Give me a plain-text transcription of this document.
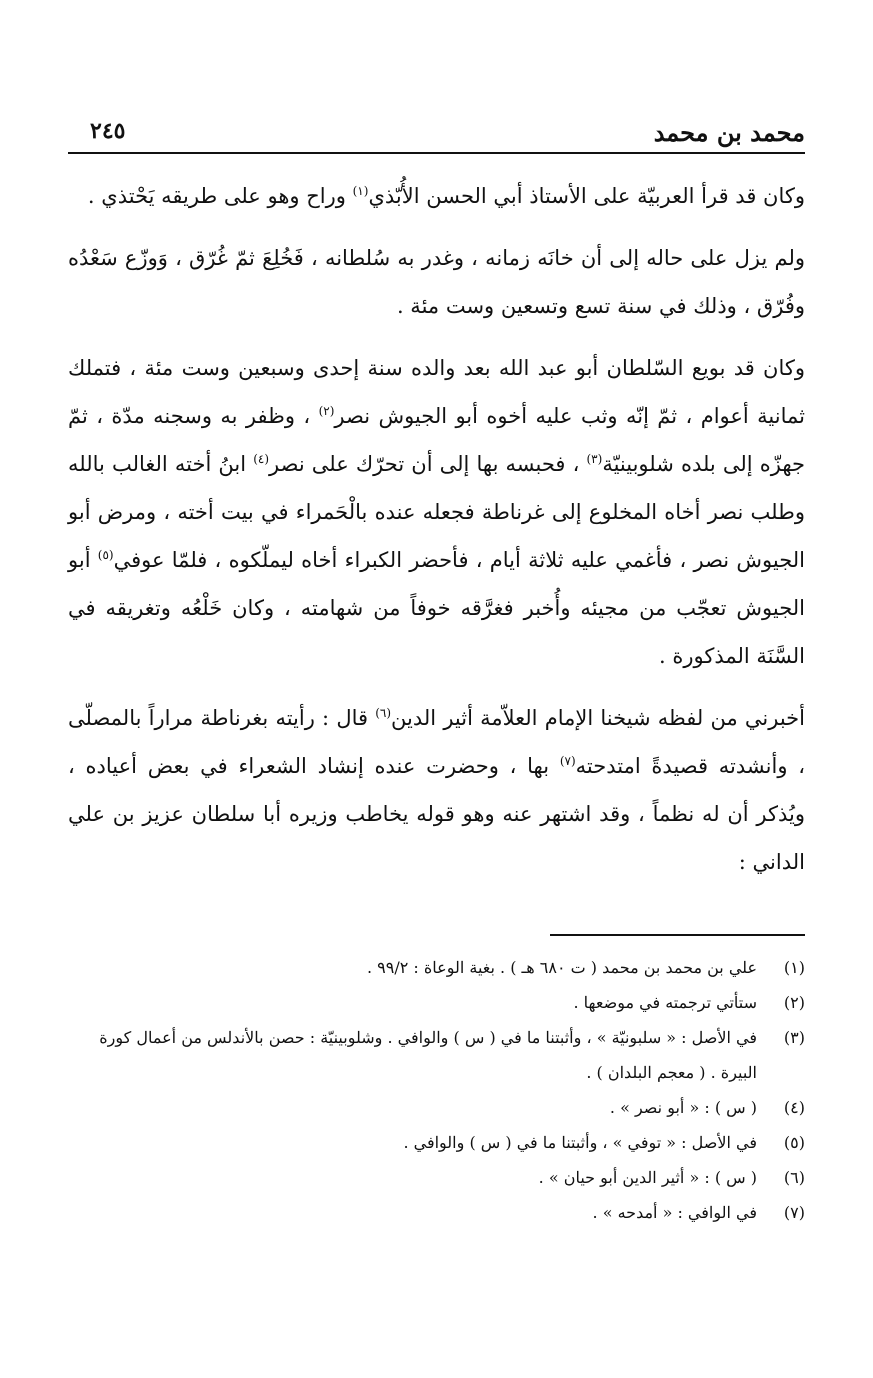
محمد بن محمد
٢٤٥

وكان قد قرأ العربيّة على الأستاذ أبي الحسن الأُبّذي$^{(١)}$ وراح وهو على طريقه يَحْتذي .

ولم يزل على حاله إلى أن خانَه زمانه ، وغدر به سُلطانه ، فَخُلِعَ ثمّ غُرّق ، وَوزّع سَعْدُه وفُرّق ، وذلك في سنة تسع وتسعين وست مئة .

وكان قد بويع السّلطان أبو عبد الله بعد والده سنة إحدى وسبعين وست مئة ، فتملك ثمانية أعوام ، ثمّ إنّه وثب عليه أخوه أبو الجيوش نصر$^{(٢)}$ ، وظفر به وسجنه مدّة ، ثمّ جهزّه إلى بلده شلوبينيّة$^{(٣)}$ ، فحبسه بها إلى أن تحرّك على نصر$^{(٤)}$ ابنُ أخته الغالب بالله وطلب نصر أخاه المخلوع إلى غرناطة فجعله عنده بالْحَمراء في بيت أخته ، ومرض أبو الجيوش نصر ، فأغمي عليه ثلاثة أيام ، فأحضر الكبراء أخاه ليملّكوه ، فلمّا عوفي$^{(٥)}$ أبو الجيوش تعجّب من مجيئه وأُخبر فغرَّقه خوفاً من شهامته ، وكان خَلْعُه وتغريقه في السَّنَة المذكورة .

أخبرني من لفظه شيخنا الإمام العلاّمة أثير الدين$^{(٦)}$ قال : رأيته بغرناطة مراراً بالمصلّى ، وأنشدته قصيدةً امتدحته$^{(٧)}$ بها ، وحضرت عنده إنشاد الشعراء في بعض أعياده ، ويُذكر أن له نظماً ، وقد اشتهر عنه وهو قوله يخاطب وزيره أبا سلطان عزيز بن علي الداني :

(١)
علي بن محمد بن محمد ( ت ٦٨٠ هـ ) . بغية الوعاة : ٩٩/٢ .
(٢)
ستأتي ترجمته في موضعها .
(٣)
في الأصل : « سلبونيّة » ، وأثبتنا ما في ( س ) والوافي . وشلوبينيّة : حصن بالأندلس من أعمال كورة البيرة . ( معجم البلدان ) .
(٤)
( س ) : « أبو نصر » .
(٥)
في الأصل : « توفي » ، وأثبتنا ما في ( س ) والوافي .
(٦)
( س ) : « أثير الدين أبو حيان » .
(٧)
في الوافي : « أمدحه » .
